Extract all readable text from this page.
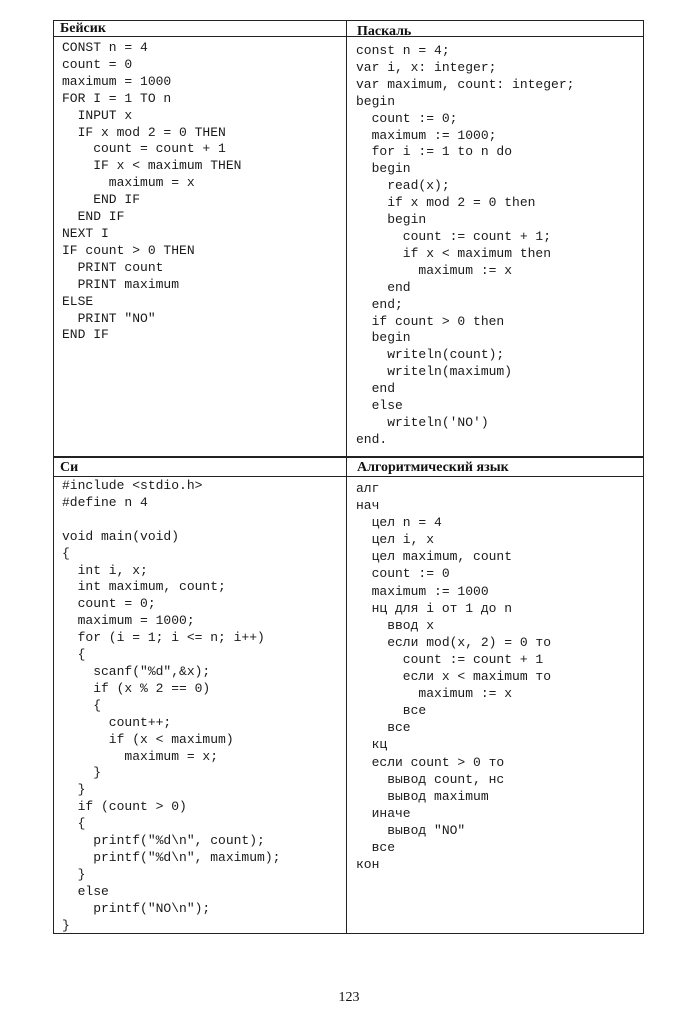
Бейсик
CONST n = 4
count = 0
maximum = 1000
FOR I = 1 TO n
INPUT x
IF x mod 2 = 0 THEN
count = count + 1
IF x < maximum THEN
maximum = x
END IF
END IF
NEXT I
IF count > 0 THEN
PRINT count
PRINT maximum
ELSE
PRINT "NO"
END IF
Паскаль
const n = 4;
var i, x: integer;
var maximum, count: integer;
begin
count := 0;
maximum := 1000;
for i := 1 to n do
begin
read(x);
if x mod 2 = 0 then
begin
count := count + 1;
if x < maximum then
maximum := x
end
end;
if count > 0 then
begin
writeln(count);
writeln(maximum)
end
else
writeln('NO')
end.
Си
#include <stdio.h>
#define n 4

void main(void)
{
int i, x;
int maximum, count;
count = 0;
maximum = 1000;
for (i = 1; i <= n; i++)
{
scanf("%d",&x);
if (x % 2 == 0)
{
count++;
if (x < maximum)
maximum = x;
}
}
if (count > 0)
{
printf("%d\n", count);
printf("%d\n", maximum);
}
else
printf("NO\n");
}
Алгоритмический язык
алг
нач
цел n = 4
цел i, x
цел maximum, count
count := 0
maximum := 1000
нц для i от 1 до n
ввод x
если mod(x, 2) = 0 то
count := count + 1
если x < maximum то
maximum := x
все
все
кц
если count > 0 то
вывод count, нс
вывод maximum
иначе
вывод "NO"
все
кон
123
